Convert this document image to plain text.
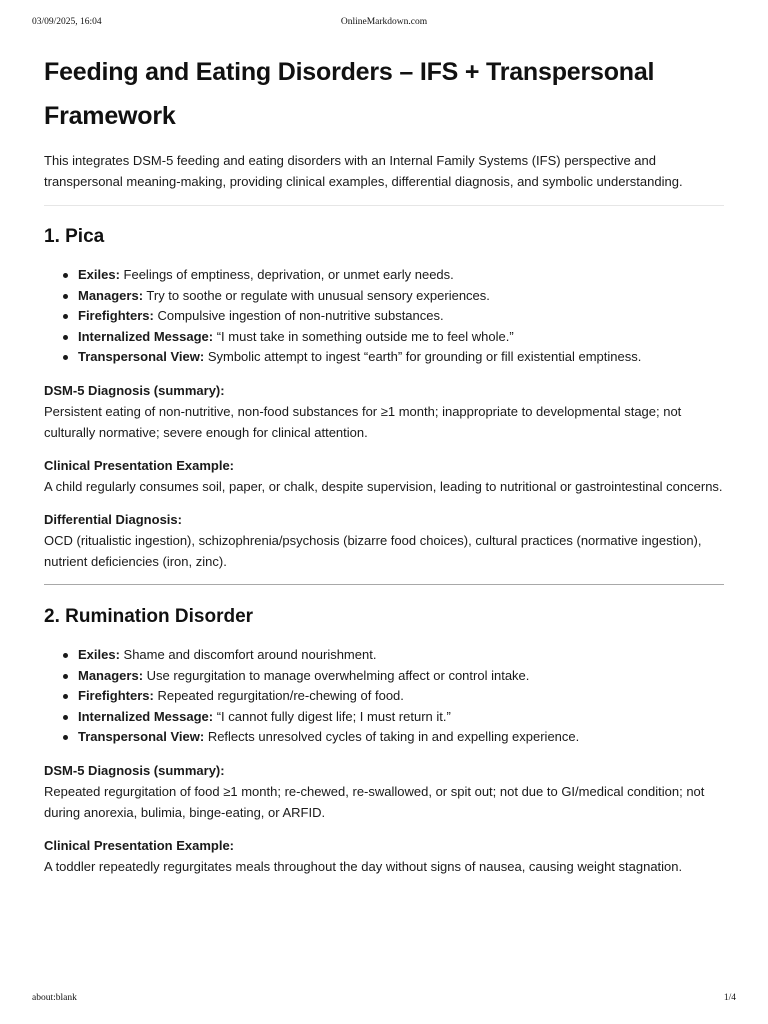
03/09/2025, 16:04	OnlineMarkdown.com
Feeding and Eating Disorders – IFS + Transpersonal Framework

This integrates DSM-5 feeding and eating disorders with an Internal Family Systems (IFS) perspective and transpersonal meaning-making, providing clinical examples, differential diagnosis, and symbolic understanding.

1. Pica
Exiles: Feelings of emptiness, deprivation, or unmet early needs.
Managers: Try to soothe or regulate with unusual sensory experiences.
Firefighters: Compulsive ingestion of non-nutritive substances.
Internalized Message: “I must take in something outside me to feel whole.”
Transpersonal View: Symbolic attempt to ingest “earth” for grounding or fill existential emptiness.

DSM-5 Diagnosis (summary):

Persistent eating of non-nutritive, non-food substances for ≥1 month; inappropriate to developmental stage; not culturally normative; severe enough for clinical attention.

Clinical Presentation Example:

A child regularly consumes soil, paper, or chalk, despite supervision, leading to nutritional or gastrointestinal concerns.

Differential Diagnosis:

OCD (ritualistic ingestion), schizophrenia/psychosis (bizarre food choices), cultural practices (normative ingestion), nutrient deficiencies (iron, zinc).

2. Rumination Disorder
Exiles: Shame and discomfort around nourishment.
Managers: Use regurgitation to manage overwhelming affect or control intake.
Firefighters: Repeated regurgitation/re-chewing of food.
Internalized Message: “I cannot fully digest life; I must return it.”
Transpersonal View: Reflects unresolved cycles of taking in and expelling experience.

DSM-5 Diagnosis (summary):

Repeated regurgitation of food ≥1 month; re-chewed, re-swallowed, or spit out; not due to GI/medical condition; not during anorexia, bulimia, binge-eating, or ARFID.

Clinical Presentation Example:

A toddler repeatedly regurgitates meals throughout the day without signs of nausea, causing weight stagnation.

about:blank	1/4
